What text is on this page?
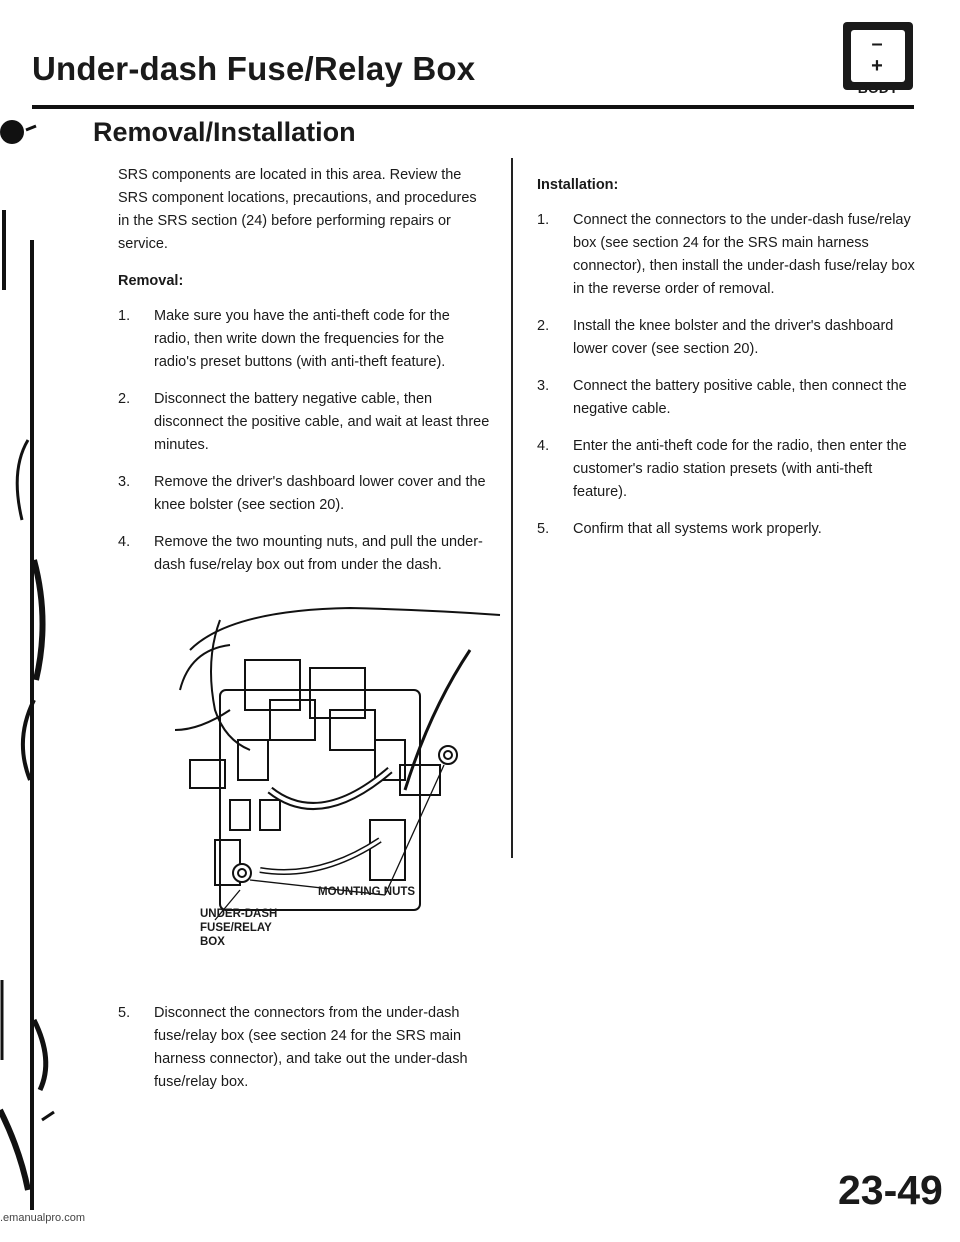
Under-dash Fuse/Relay Box
– +
BODY
Removal/Installation

SRS components are located in this area. Review the SRS component locations, precautions, and procedures in the SRS section (24) before performing repairs or service.

Removal:

1. Make sure you have the anti-theft code for the radio, then write down the frequencies for the radio's preset buttons (with anti-theft feature).
2. Disconnect the battery negative cable, then disconnect the positive cable, and wait at least three minutes.
3. Remove the driver's dashboard lower cover and the knee bolster (see section 20).
4. Remove the two mounting nuts, and pull the under-dash fuse/relay box out from under the dash.
MOUNTING NUTS
UNDER-DASH FUSE/RELAY BOX
5. Disconnect the connectors from the under-dash fuse/relay box (see section 24 for the SRS main harness connector), and take out the under-dash fuse/relay box.

Installation:

1. Connect the connectors to the under-dash fuse/relay box (see section 24 for the SRS main harness connector), then install the under-dash fuse/relay box in the reverse order of removal.
2. Install the knee bolster and the driver's dashboard lower cover (see section 20).
3. Connect the battery positive cable, then connect the negative cable.
4. Enter the anti-theft code for the radio, then enter the customer's radio station presets (with anti-theft feature).
5. Confirm that all systems work properly.
23-49
.emanualpro.com
